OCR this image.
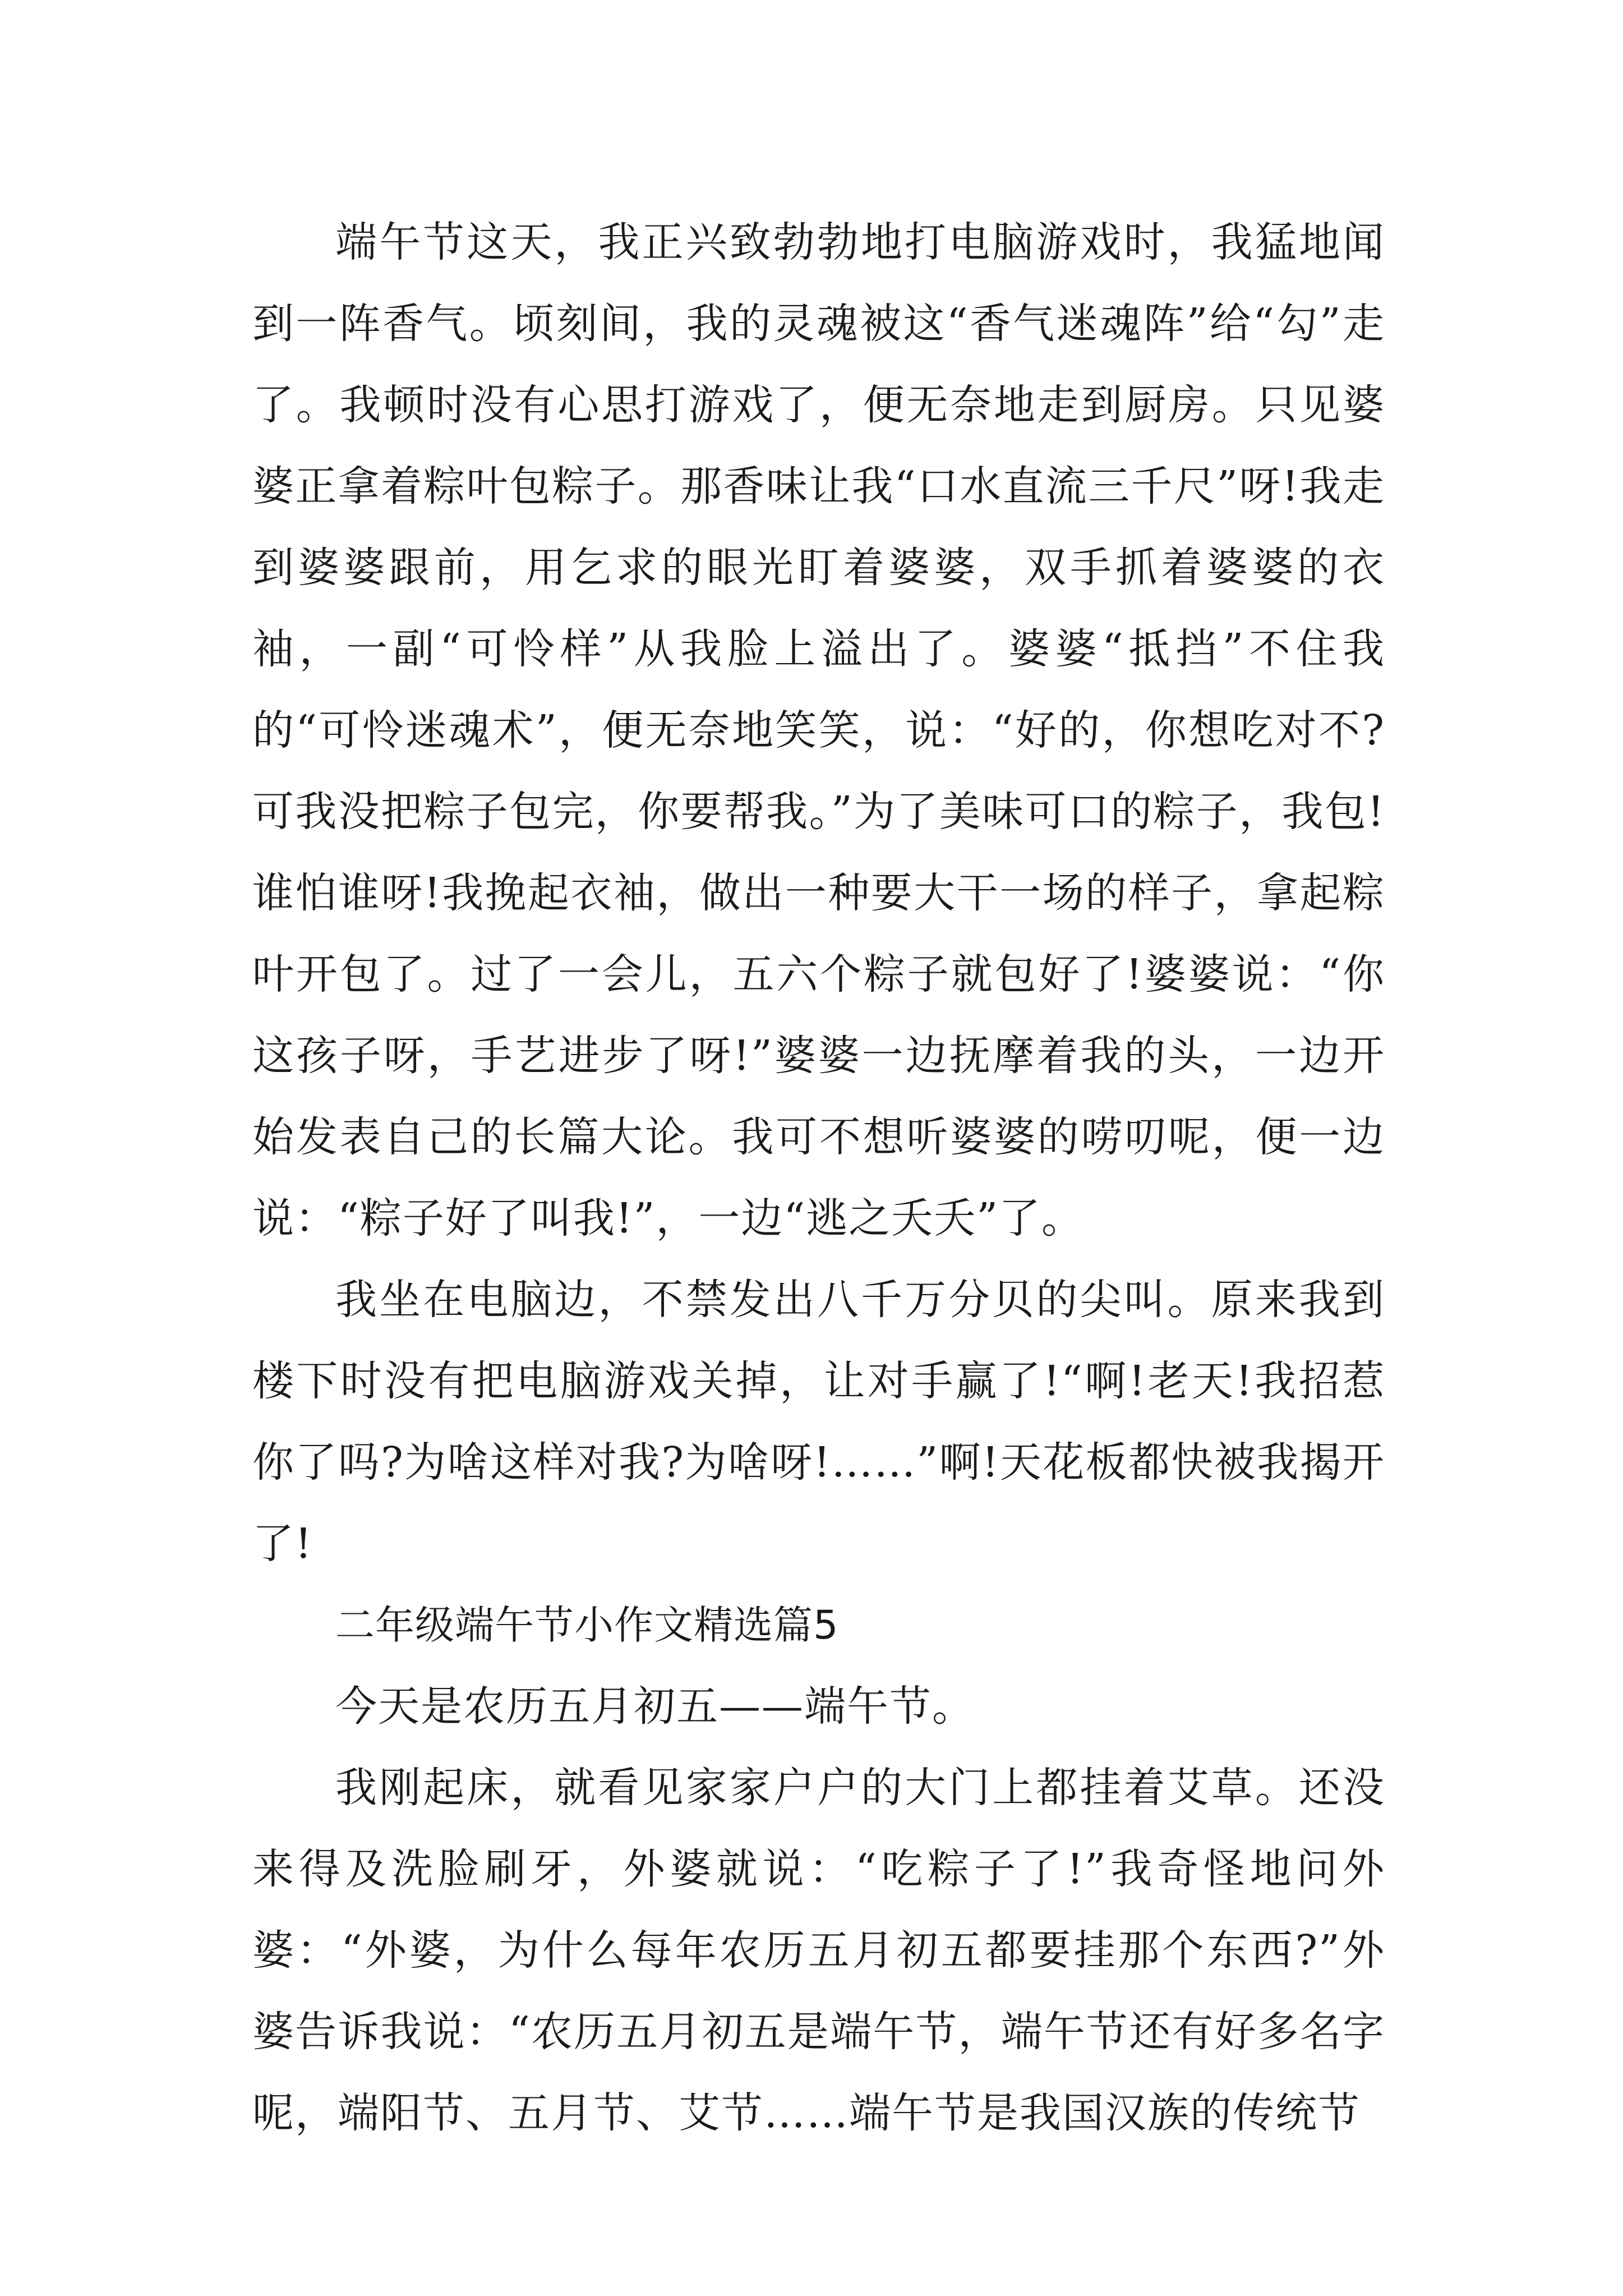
端午节这天，我正兴致勃勃地打电脑游戏时，我猛地闻到一阵香气。顷刻间，我的灵魂被这“香气迷魂阵”给“勾”走了。我顿时没有心思打游戏了，便无奈地走到厨房。只见婆婆正拿着粽叶包粽子。那香味让我“口水直流三千尺”呀!我走到婆婆跟前，用乞求的眼光盯着婆婆，双手抓着婆婆的衣袖，一副“可怜样”从我脸上溢出了。婆婆“抵挡”不住我的“可怜迷魂术”，便无奈地笑笑，说：“好的，你想吃对不?可我没把粽子包完，你要帮我。”为了美味可口的粽子，我包!谁怕谁呀!我挽起衣袖，做出一种要大干一场的样子，拿起粽叶开包了。过了一会儿，五六个粽子就包好了!婆婆说：“你这孩子呀，手艺进步了呀!”婆婆一边抚摩着我的头，一边开始发表自己的长篇大论。我可不想听婆婆的唠叨呢，便一边说：“粽子好了叫我!”，一边“逃之夭夭”了。

我坐在电脑边，不禁发出八千万分贝的尖叫。原来我到楼下时没有把电脑游戏关掉，让对手赢了!“啊!老天!我招惹你了吗?为啥这样对我?为啥呀!……”啊!天花板都快被我揭开了!

二年级端午节小作文精选篇5

今天是农历五月初五——端午节。

我刚起床，就看见家家户户的大门上都挂着艾草。还没来得及洗脸刷牙，外婆就说：“吃粽子了!”我奇怪地问外婆：“外婆，为什么每年农历五月初五都要挂那个东西?”外婆告诉我说：“农历五月初五是端午节，端午节还有好多名字呢，端阳节、五月节、艾节……端午节是我国汉族的传统节
